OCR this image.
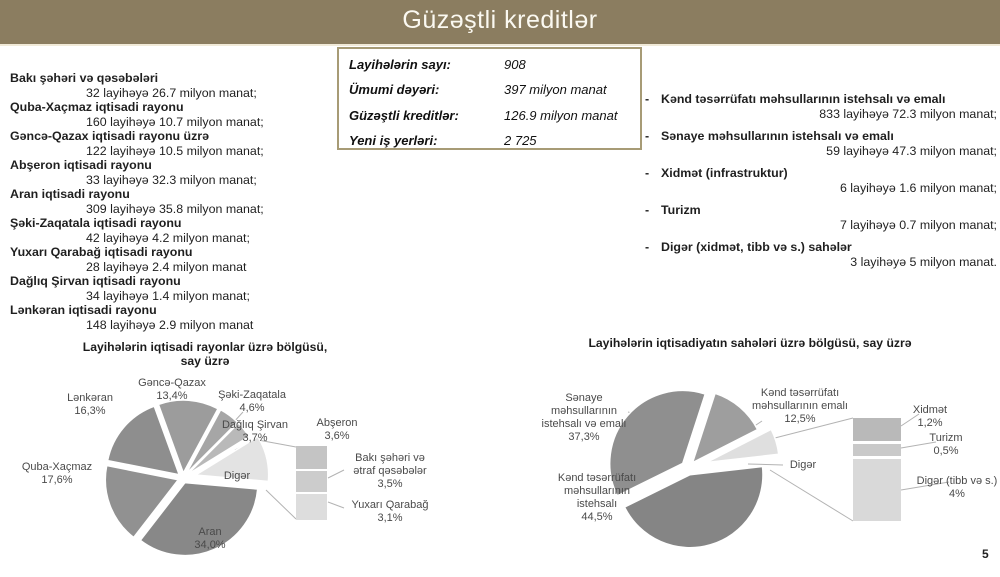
Güzəştli kreditlər
Bakı şəhəri və qəsəbələri
32 layihəyə 26.7 milyon manat;
Quba-Xaçmaz iqtisadi rayonu
160 layihəyə 10.7 milyon manat;
Gəncə-Qazax iqtisadi rayonu üzrə
122 layihəyə 10.5 milyon manat;
Abşeron iqtisadi rayonu
33 layihəyə 32.3 milyon manat;
Aran iqtisadi rayonu
309 layihəyə 35.8 milyon manat;
Şəki-Zaqatala iqtisadi rayonu
42 layihəyə 4.2 milyon manat;
Yuxarı Qarabağ iqtisadi rayonu
28 layihəyə 2.4 milyon manat
Dağlıq Şirvan iqtisadi rayonu
34 layihəyə 1.4 milyon manat;
Lənkəran iqtisadi rayonu
148 layihəyə 2.9 milyon manat
Layihələrin sayı:	908
Ümumi dəyəri:	397 milyon manat
Güzəştli kreditlər:	126.9 milyon manat
Yeni iş yerləri:	2 725
- Kənd təsərrüfatı məhsullarının istehsalı və emalı
833 layihəyə 72.3 milyon manat;
- Sənaye məhsullarının istehsalı və emalı
59 layihəyə 47.3 milyon manat;
- Xidmət (infrastruktur)
6 layihəyə 1.6 milyon manat;
- Turizm
7 layihəyə 0.7 milyon manat;
- Digər (xidmət, tibb və s.) sahələr
3 layihəyə 5 milyon manat.
Layihələrin iqtisadi rayonlar üzrə bölgüsü,
say üzrə
Layihələrin iqtisadiyatın sahələri üzrə bölgüsü, say üzrə
Gəncə-Qazax
13,4%
Lənkəran
16,3%
Şəki-Zaqatala
4,6%
Dağlıq Şirvan
3,7%
Abşeron
3,6%
Digər
Bakı şəhəri və
ətraf qəsəbələr
3,5%
Yuxarı Qarabağ
3,1%
Quba-Xaçmaz
17,6%
Aran
34,0%
Sənaye
məhsullarının
istehsalı və emalı
37,3%
Kənd təsərrüfatı
məhsullarının emalı
12,5%
Digər
Xidmət
1,2%
Turizm
0,5%
Digər (tibb və s.)
4%
Kənd təsərrüfatı
məhsullarının
istehsalı
44,5%
5
